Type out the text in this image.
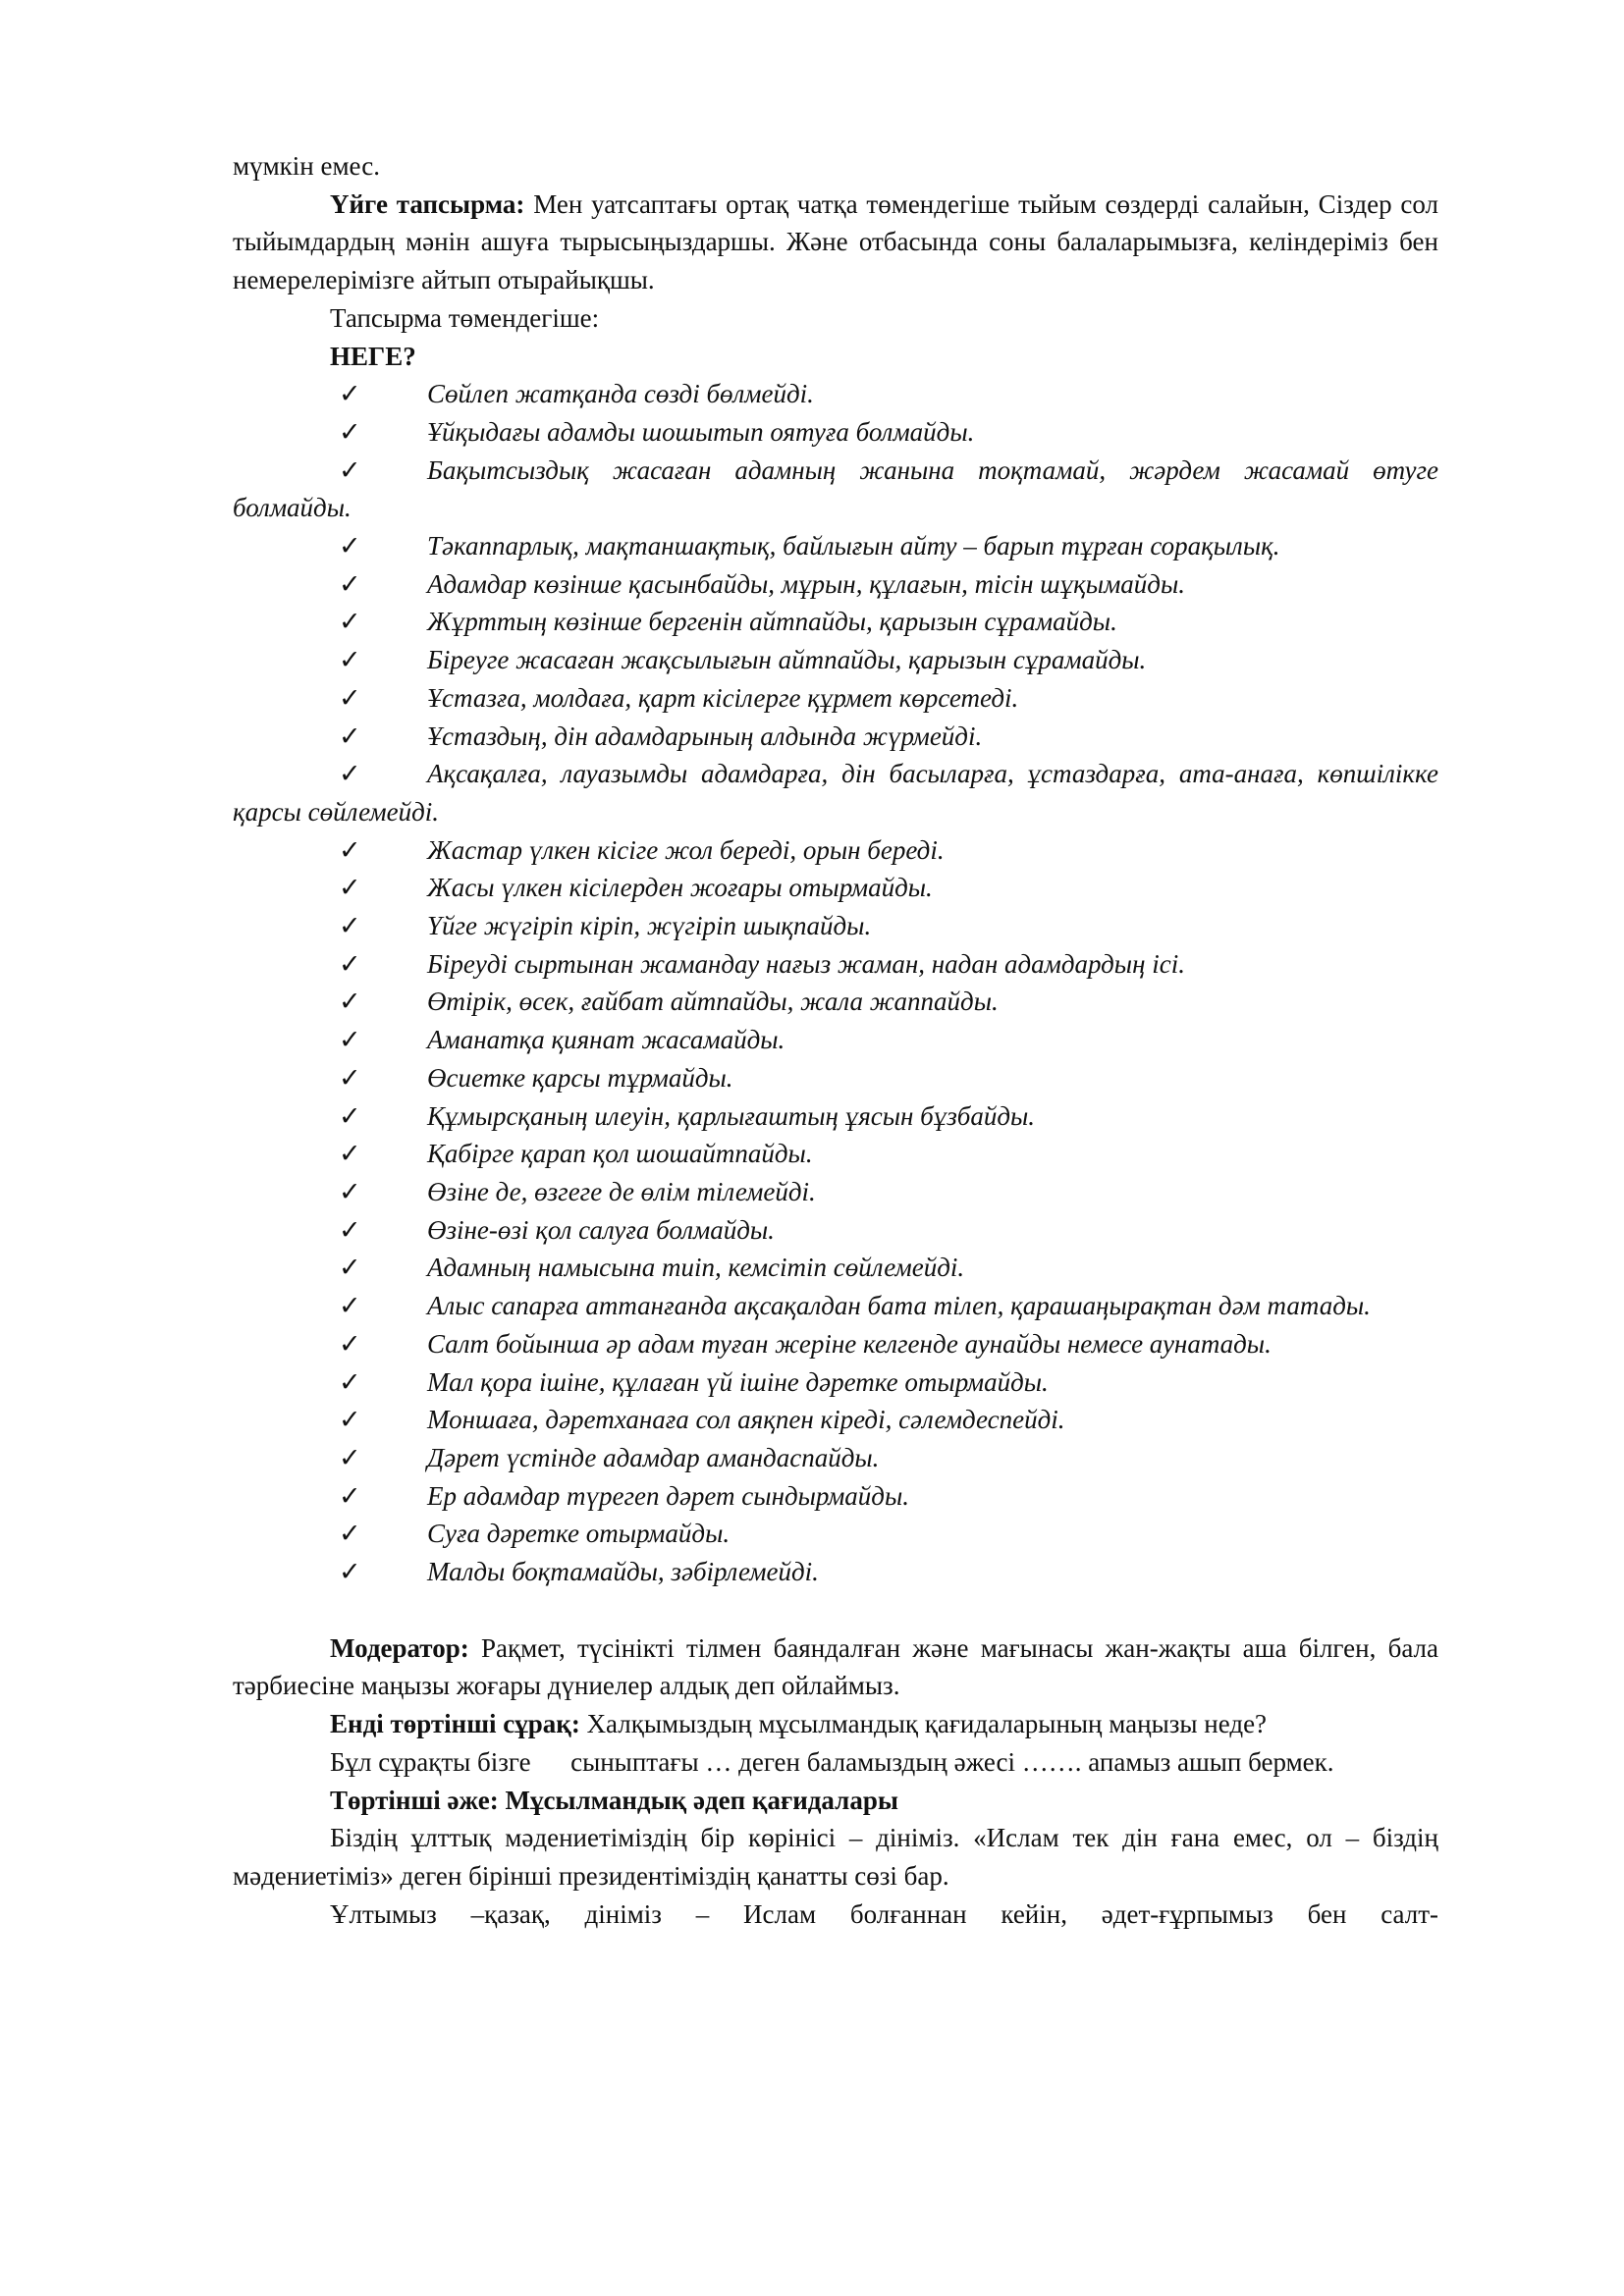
мүмкін емес.

Үйге тапсырма: Мен уатсаптағы ортақ чатқа төмендегіше тыйым сөздерді салайын, Сіздер сол тыйымдардың мәнін ашуға тырысыңыздаршы. Және отбасында соны балаларымызға, келіндеріміз бен немерелерімізге айтып отырайықшы.

Тапсырма төмендегіше:

НЕГЕ?

✓ Сөйлеп жатқанда сөзді бөлмейді.

✓ Ұйқыдағы адамды шошытып оятуға болмайды.

✓ Бақытсыздық жасаған адамның жанына тоқтамай, жәрдем жасамай өтуге болмайды.

✓ Тәкаппарлық, мақтаншақтық, байлығын айту – барып тұрған сорақылық.

✓ Адамдар көзінше қасынбайды, мұрын, құлағын, тісін шұқымайды.

✓ Жұрттың көзінше бергенін айтпайды, қарызын сұрамайды.

✓ Біреуге жасаған жақсылығын айтпайды, қарызын сұрамайды.

✓ Ұстазға, молдаға, қарт кісілерге құрмет көрсетеді.

✓ Ұстаздың, дін адамдарының алдында жүрмейді.

✓ Ақсақалға, лауазымды адамдарға, дін басыларға, ұстаздарға, ата-анаға, көпшілікке қарсы сөйлемейді.

✓ Жастар үлкен кісіге жол береді, орын береді.

✓ Жасы үлкен кісілерден жоғары отырмайды.

✓ Үйге жүгіріп кіріп, жүгіріп шықпайды.

✓ Біреуді сыртынан жамандау нағыз жаман, надан адамдардың ісі.

✓ Өтірік, өсек, ғайбат айтпайды, жала жаппайды.

✓ Аманатқа қиянат жасамайды.

✓ Өсиетке қарсы тұрмайды.

✓ Құмырсқаның илеуін, қарлығаштың ұясын бұзбайды.

✓ Қабірге қарап қол шошайтпайды.

✓ Өзіне де, өзгеге де өлім тілемейді.

✓ Өзіне-өзі қол салуға болмайды.

✓ Адамның намысына тиіп, кемсітіп сөйлемейді.

✓ Алыс сапарға аттанғанда ақсақалдан бата тілеп, қарашаңырақтан дәм татады.

✓ Салт бойынша әр адам туған жеріне келгенде аунайды немесе аунатады.

✓ Мал қора ішіне, құлаған үй ішіне дәретке отырмайды.

✓ Моншаға, дәретханаға сол аяқпен кіреді, сәлемдеспейді.

✓ Дәрет үстінде адамдар амандаспайды.

✓ Ер адамдар түрегеп дәрет сындырмайды.

✓ Суға дәретке отырмайды.

✓ Малды боқтамайды, зәбірлемейді.

Модератор: Рақмет, түсінікті тілмен баяндалған және мағынасы жан-жақты аша білген, бала тәрбиесіне маңызы жоғары дүниелер алдық деп ойлаймыз.

Енді төртінші сұрақ: Халқымыздың мұсылмандық қағидаларының маңызы неде?

Бұл сұрақты бізге      сыныптағы … деген баламыздың әжесі ……. апамыз ашып бермек.

Төртінші әже: Мұсылмандық әдеп қағидалары

Біздің ұлттық мәдениетіміздің бір көрінісі – дініміз. «Ислам тек дін ғана емес, ол – біздің мәдениетіміз» деген бірінші президентіміздің қанатты сөзі бар.

Ұлтымыз –қазақ, дініміз – Ислам болғаннан кейін, әдет-ғұрпымыз бен салт-
